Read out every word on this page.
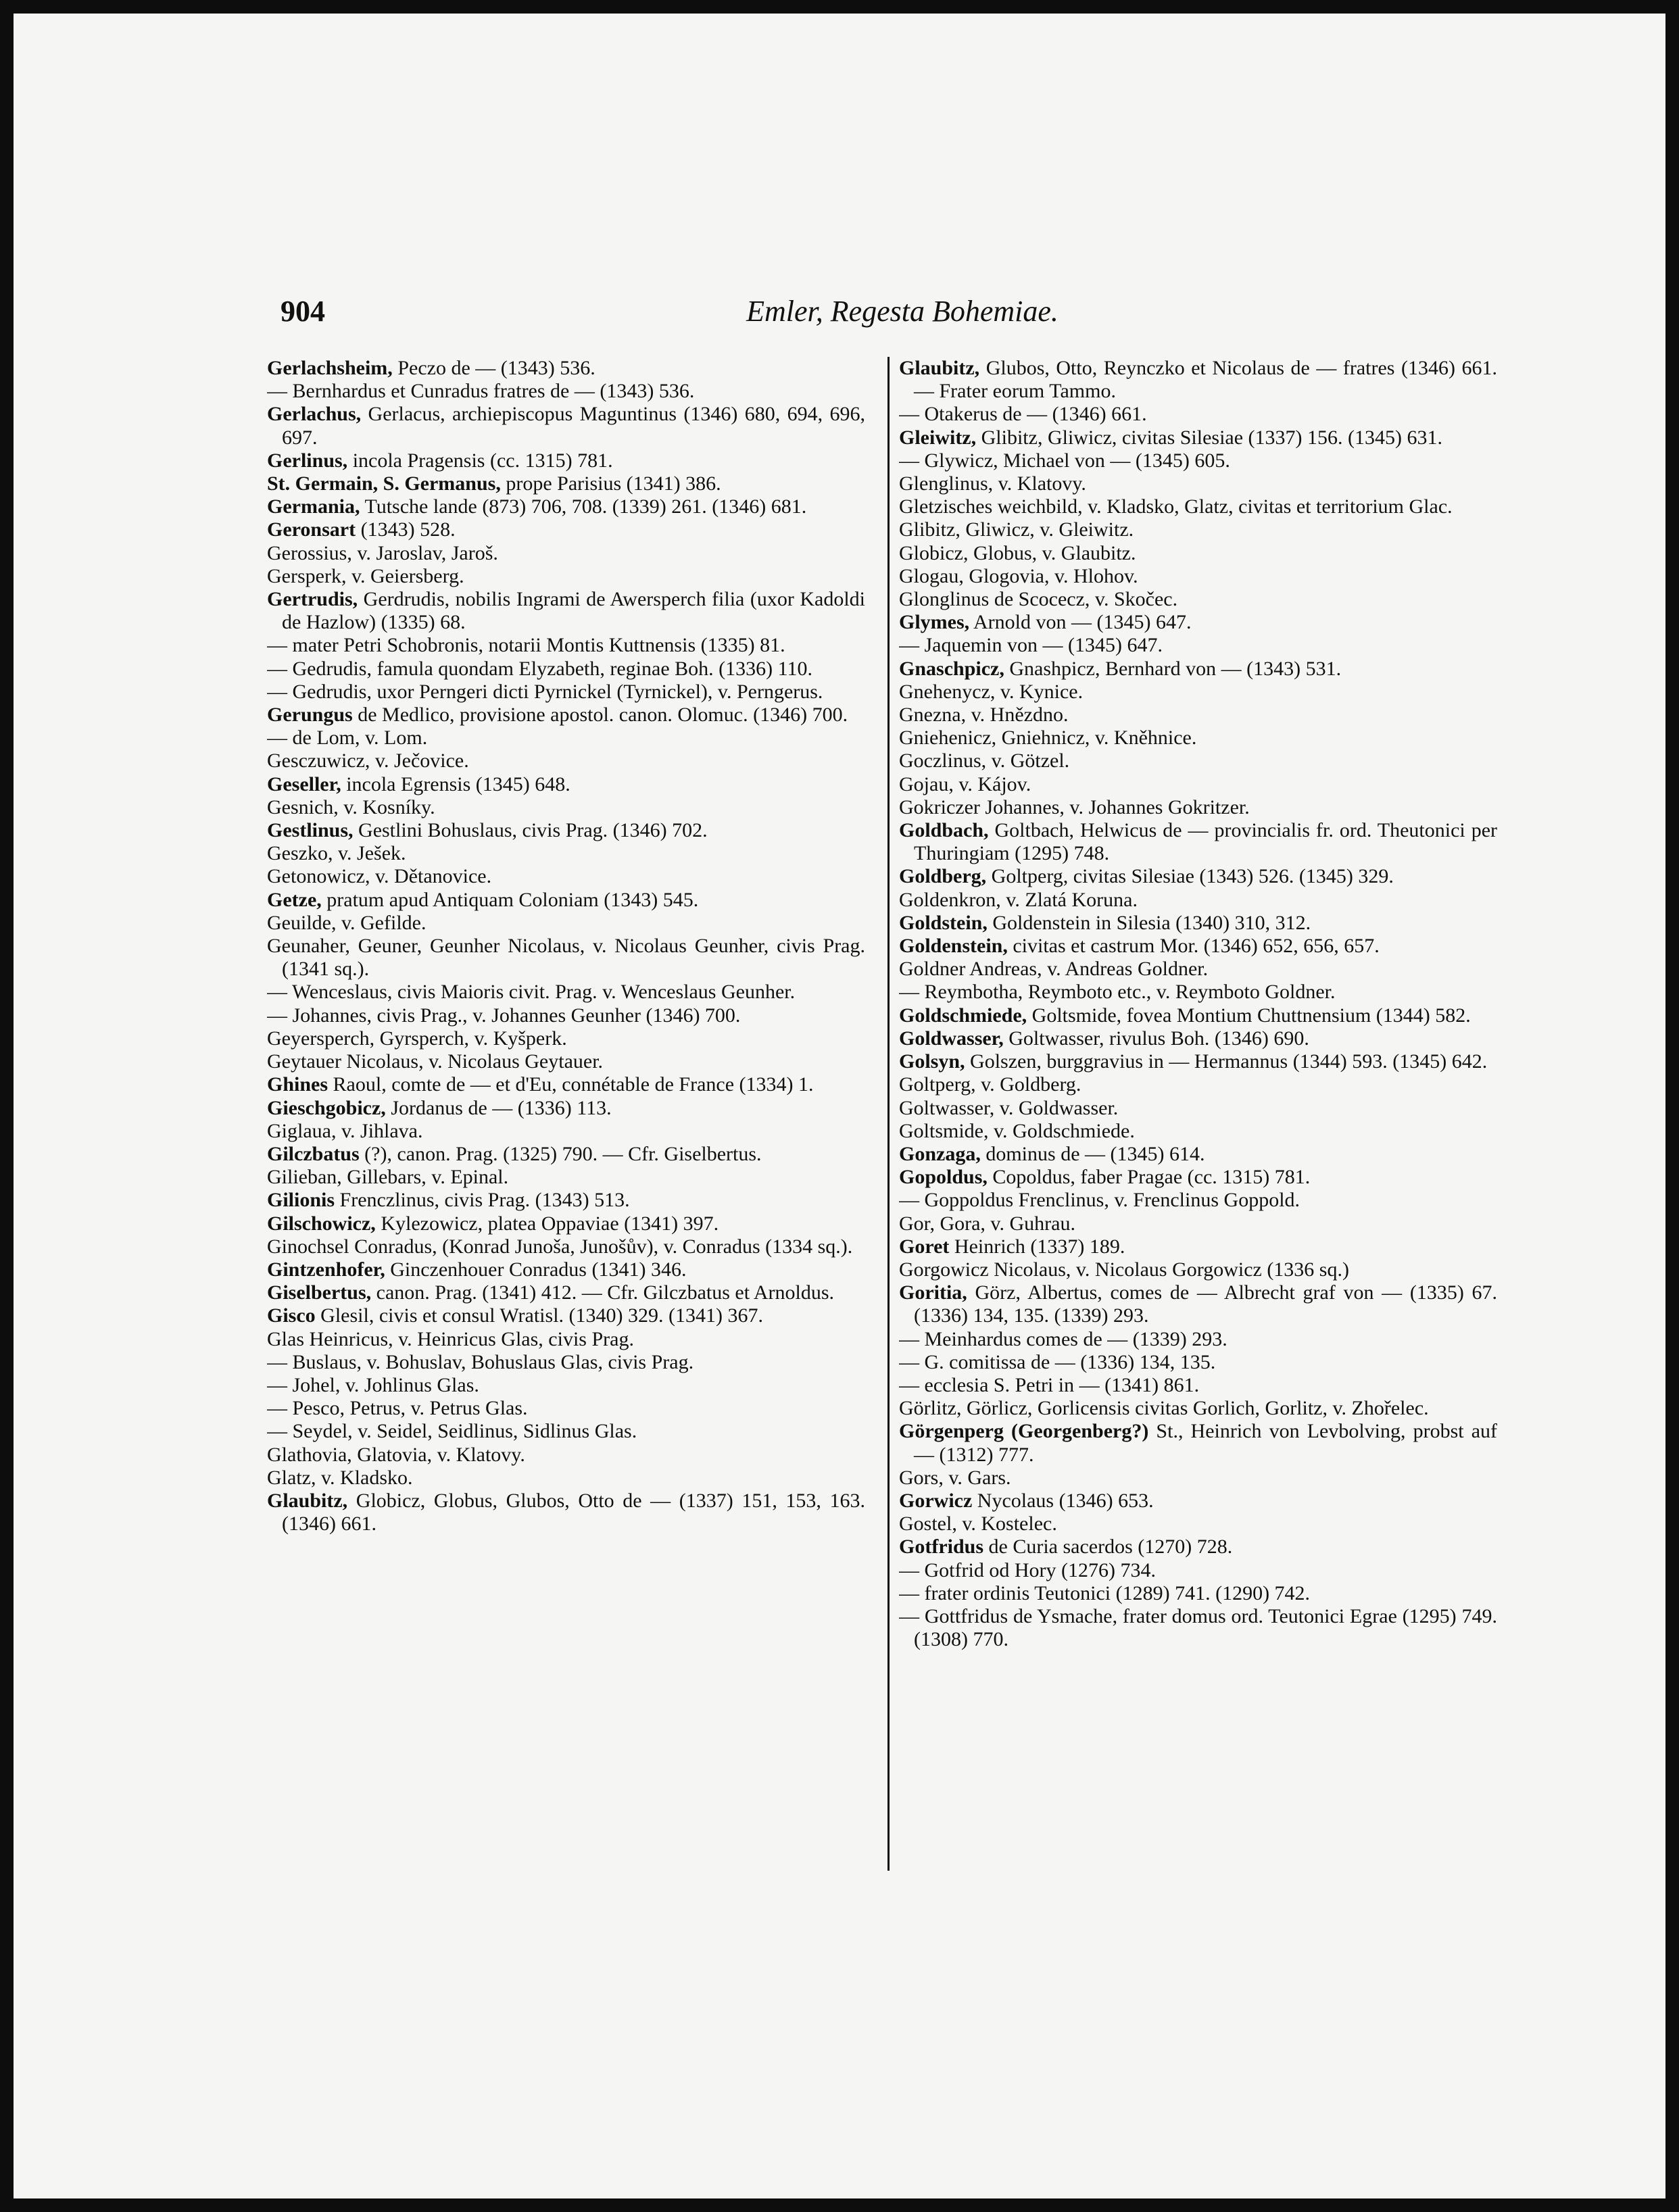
904	Emler, Regesta Bohemiae.
Gerlachsheim, Peczo de — (1343) 536.
— Bernhardus et Cunradus fratres de — (1343) 536.
Gerlachus, Gerlacus, archiepiscopus Maguntinus (1346) 680, 694, 696, 697.
Gerlinus, incola Pragensis (cc. 1315) 781.
St. Germain, S. Germanus, prope Parisius (1341) 386.
Germania, Tutsche lande (873) 706, 708. (1339) 261. (1346) 681.
Geronsart (1343) 528.
Gerossius, v. Jaroslav, Jaroš.
Gersperk, v. Geiersberg.
Gertrudis, Gerdrudis, nobilis Ingrami de Awersperch filia (uxor Kadoldi de Hazlow) (1335) 68.
— mater Petri Schobronis, notarii Montis Kuttnensis (1335) 81.
— Gedrudis, famula quondam Elyzabeth, reginae Boh. (1336) 110.
— Gedrudis, uxor Perngeri dicti Pyrnickel (Tyrnickel), v. Perngerus.
Gerungus de Medlico, provisione apostol. canon. Olomuc. (1346) 700.
— de Lom, v. Lom.
Gesczuwicz, v. Ječovice.
Geseller, incola Egrensis (1345) 648.
Gesnich, v. Kosníky.
Gestlinus, Gestlini Bohuslaus, civis Prag. (1346) 702.
Geszko, v. Ješek.
Getonowicz, v. Dětanovice.
Getze, pratum apud Antiquam Coloniam (1343) 545.
Geuilde, v. Gefilde.
Geunaher, Geuner, Geunher Nicolaus, v. Nicolaus Geunher, civis Prag. (1341 sq.).
— Wenceslaus, civis Maioris civit. Prag. v. Wenceslaus Geunher.
— Johannes, civis Prag., v. Johannes Geunher (1346) 700.
Geyersperch, Gyrsperch, v. Kyšperk.
Geytauer Nicolaus, v. Nicolaus Geytauer.
Ghines Raoul, comte de — et d'Eu, connétable de France (1334) 1.
Gieschgobicz, Jordanus de — (1336) 113.
Giglaua, v. Jihlava.
Gilczbatus (?), canon. Prag. (1325) 790. — Cfr. Giselbertus.
Gilieban, Gillebars, v. Epinal.
Gilionis Frenczlinus, civis Prag. (1343) 513.
Gilschowicz, Kylezowicz, platea Oppaviae (1341) 397.
Ginochsel Conradus, (Konrad Junoša, Junošův), v. Conradus (1334 sq.).
Gintzenhofer, Ginczenhouer Conradus (1341) 346.
Giselbertus, canon. Prag. (1341) 412. — Cfr. Gilczbatus et Arnoldus.
Gisco Glesil, civis et consul Wratisl. (1340) 329. (1341) 367.
Glas Heinricus, v. Heinricus Glas, civis Prag.
— Buslaus, v. Bohuslav, Bohuslaus Glas, civis Prag.
— Johel, v. Johlinus Glas.
— Pesco, Petrus, v. Petrus Glas.
— Seydel, v. Seidel, Seidlinus, Sidlinus Glas.
Glathovia, Glatovia, v. Klatovy.
Glatz, v. Kladsko.
Glaubitz, Globicz, Globus, Glubos, Otto de — (1337) 151, 153, 163. (1346) 661.
Glaubitz, Glubos, Otto, Reynczko et Nicolaus de — fratres (1346) 661. — Frater eorum Tammo.
— Otakerus de — (1346) 661.
Gleiwitz, Glibitz, Gliwicz, civitas Silesiae (1337) 156. (1345) 631.
— Glywicz, Michael von — (1345) 605.
Glenglinus, v. Klatovy.
Gletzisches weichbild, v. Kladsko, Glatz, civitas et territorium Glac.
Glibitz, Gliwicz, v. Gleiwitz.
Globicz, Globus, v. Glaubitz.
Glogau, Glogovia, v. Hlohov.
Glonglinus de Scocecz, v. Skočec.
Glymes, Arnold von — (1345) 647.
— Jaquemin von — (1345) 647.
Gnaschpicz, Gnashpicz, Bernhard von — (1343) 531.
Gnehenycz, v. Kynice.
Gnezna, v. Hnězdno.
Gniehenicz, Gniehnicz, v. Kněhnice.
Goczlinus, v. Götzel.
Gojau, v. Kájov.
Gokriczer Johannes, v. Johannes Gokritzer.
Goldbach, Goltbach, Helwicus de — provincialis fr. ord. Theutonici per Thuringiam (1295) 748.
Goldberg, Goltperg, civitas Silesiae (1343) 526. (1345) 329.
Goldenkron, v. Zlatá Koruna.
Goldstein, Goldenstein in Silesia (1340) 310, 312.
Goldenstein, civitas et castrum Mor. (1346) 652, 656, 657.
Goldner Andreas, v. Andreas Goldner.
— Reymbotha, Reymboto etc., v. Reymboto Goldner.
Goldschmiede, Goltsmide, fovea Montium Chuttnensium (1344) 582.
Goldwasser, Goltwasser, rivulus Boh. (1346) 690.
Golsyn, Golszen, burggravius in — Hermannus (1344) 593. (1345) 642.
Goltperg, v. Goldberg.
Goltwasser, v. Goldwasser.
Goltsmide, v. Goldschmiede.
Gonzaga, dominus de — (1345) 614.
Gopoldus, Copoldus, faber Pragae (cc. 1315) 781.
— Goppoldus Frenclinus, v. Frenclinus Goppold.
Gor, Gora, v. Guhrau.
Goret Heinrich (1337) 189.
Gorgowicz Nicolaus, v. Nicolaus Gorgowicz (1336 sq.)
Goritia, Görz, Albertus, comes de — Albrecht graf von — (1335) 67. (1336) 134, 135. (1339) 293.
— Meinhardus comes de — (1339) 293.
— G. comitissa de — (1336) 134, 135.
— ecclesia S. Petri in — (1341) 861.
Görlitz, Görlicz, Gorlicensis civitas Gorlich, Gorlitz, v. Zhořelec.
Görgenperg (Georgenberg?) St., Heinrich von Levbolving, probst auf — (1312) 777.
Gors, v. Gars.
Gorwicz Nycolaus (1346) 653.
Gostel, v. Kostelec.
Gotfridus de Curia sacerdos (1270) 728.
— Gotfrid od Hory (1276) 734.
— frater ordinis Teutonici (1289) 741. (1290) 742.
— Gottfridus de Ysmache, frater domus ord. Teutonici Egrae (1295) 749. (1308) 770.
